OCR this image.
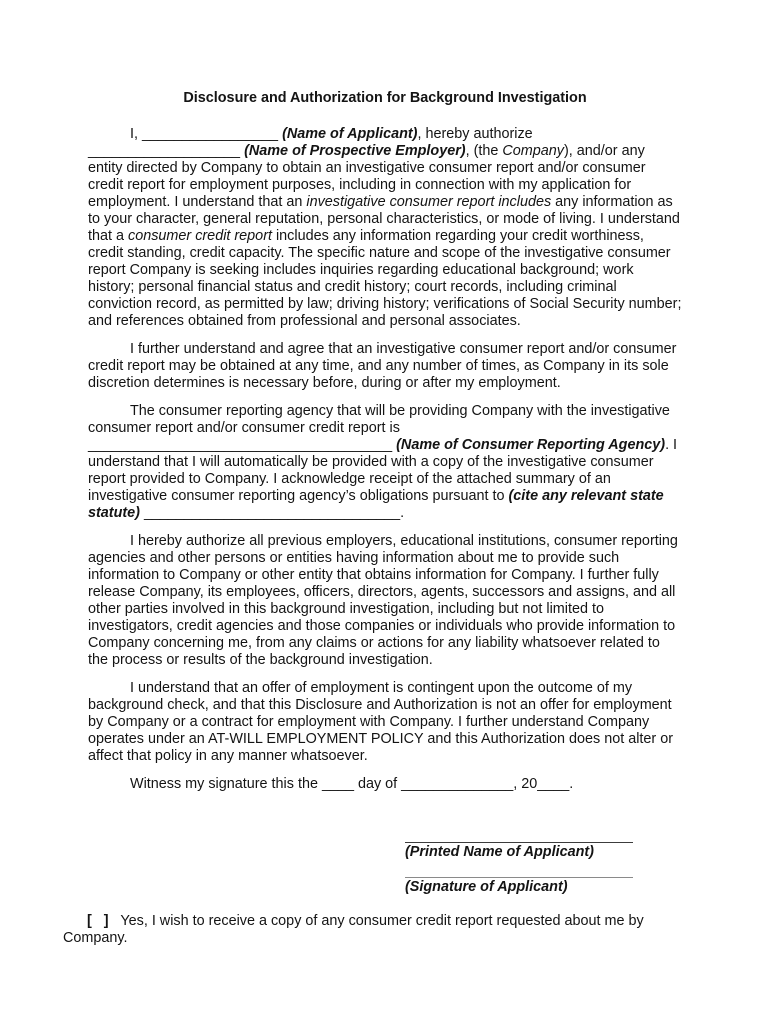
Disclosure and Authorization for Background Investigation

I, _________________ (Name of Applicant), hereby authorize ___________________ (Name of Prospective Employer), (the Company), and/or any entity directed by Company to obtain an investigative consumer report and/or consumer credit report for employment purposes, including in connection with my application for employment. I understand that an investigative consumer report includes any information as to your character, general reputation, personal characteristics, or mode of living. I understand that a consumer credit report includes any information regarding your credit worthiness, credit standing, credit capacity. The specific nature and scope of the investigative consumer report Company is seeking includes inquiries regarding educational background; work history; personal financial status and credit history; court records, including criminal conviction record, as permitted by law; driving history; verifications of Social Security number; and references obtained from professional and personal associates.

I further understand and agree that an investigative consumer report and/or consumer credit report may be obtained at any time, and any number of times, as Company in its sole discretion determines is necessary before, during or after my employment.

The consumer reporting agency that will be providing Company with the investigative consumer report and/or consumer credit report is ______________________________________ (Name of Consumer Reporting Agency). I understand that I will automatically be provided with a copy of the investigative consumer report provided to Company. I acknowledge receipt of the attached summary of an investigative consumer reporting agency’s obligations pursuant to (cite any relevant state statute) ________________________________.

I hereby authorize all previous employers, educational institutions, consumer reporting agencies and other persons or entities having information about me to provide such information to Company or other entity that obtains information for Company. I further fully release Company, its employees, officers, directors, agents, successors and assigns, and all other parties involved in this background investigation, including but not limited to investigators, credit agencies and those companies or individuals who provide information to Company concerning me, from any claims or actions for any liability whatsoever related to the process or results of the background investigation.

I understand that an offer of employment is contingent upon the outcome of my background check, and that this Disclosure and Authorization is not an offer for employment by Company or a contract for employment with Company. I further understand Company operates under an AT-WILL EMPLOYMENT POLICY and this Authorization does not alter or affect that policy in any manner whatsoever.

Witness my signature this the ____ day of ______________, 20____.

(Printed Name of Applicant)
(Signature of Applicant)

[   ] Yes, I wish to receive a copy of any consumer credit report requested about me by Company.
